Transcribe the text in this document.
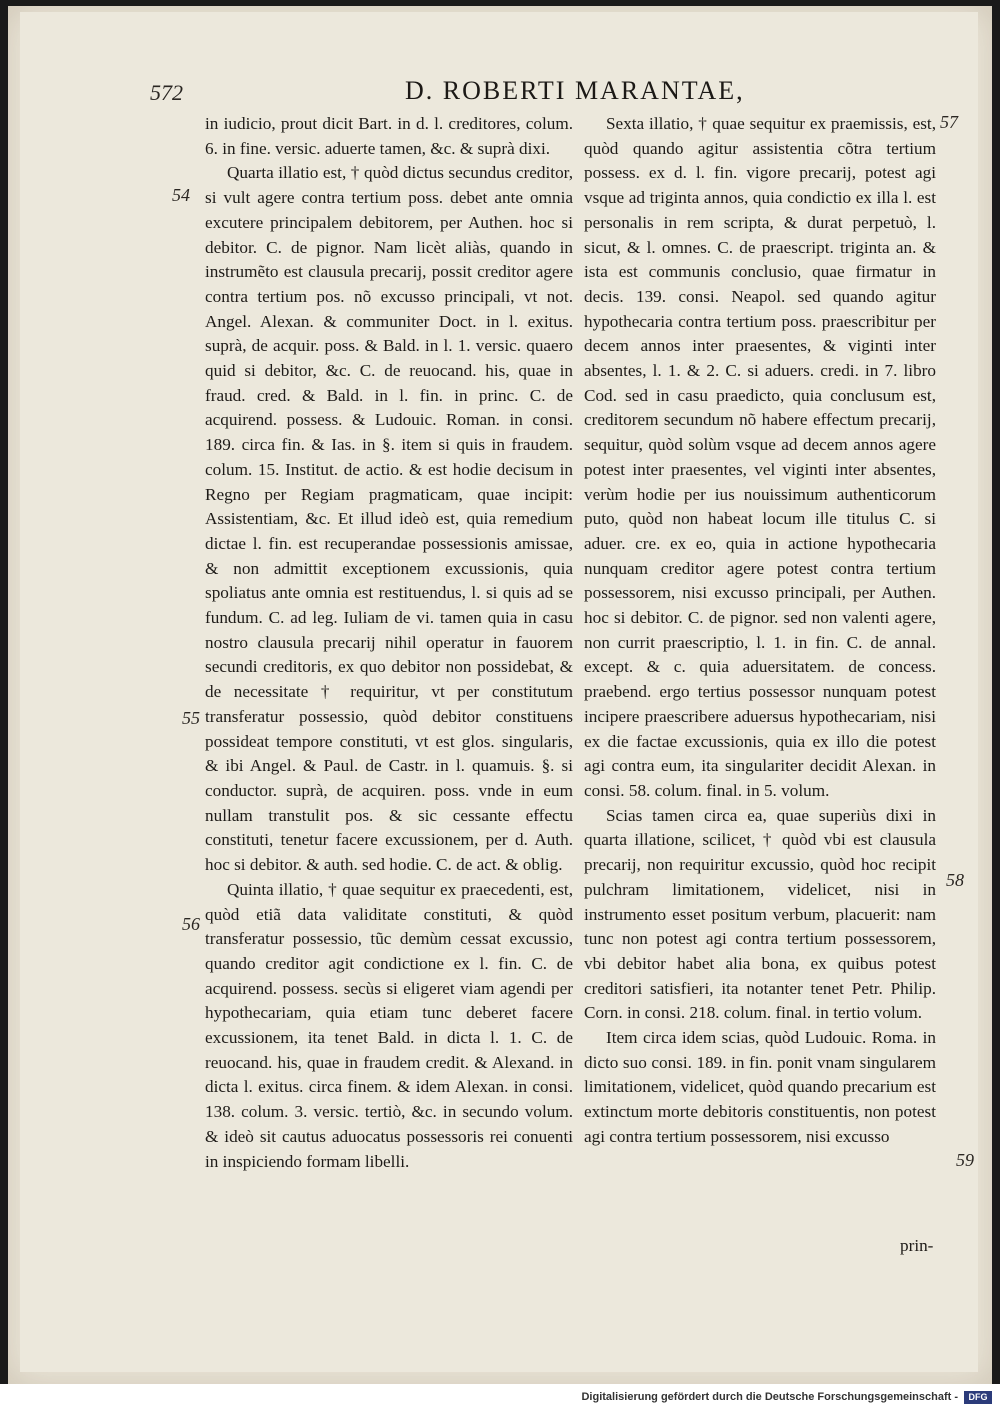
572	D. ROBERTI MARANTAE,
54
55
56
57
58
59

in iudicio, prout dicit Bart. in d. l. creditores, colum. 6. in fine. versic. aduerte tamen, &c. & suprà dixi.

Quarta illatio est, † quòd dictus secundus creditor, si vult agere contra tertium poss. debet ante omnia excutere principalem debitorem, per Authen. hoc si debitor. C. de pignor. Nam licèt aliàs, quando in instrumẽto est clausula precarij, possit creditor agere contra tertium pos. nõ excusso principali, vt not. Angel. Alexan. & communiter Doct. in l. exitus. suprà, de acquir. poss. & Bald. in l. 1. versic. quaero quid si debitor, &c. C. de reuocand. his, quae in fraud. cred. & Bald. in l. fin. in princ. C. de acquirend. possess. & Ludouic. Roman. in consi. 189. circa fin. & Ias. in §. item si quis in fraudem. colum. 15. Institut. de actio. & est hodie decisum in Regno per Regiam pragmaticam, quae incipit: Assistentiam, &c. Et illud ideò est, quia remedium dictae l. fin. est recuperandae possessionis amissae, & non admittit exceptionem excussionis, quia spoliatus ante omnia est restituendus, l. si quis ad se fundum. C. ad leg. Iuliam de vi. tamen quia in casu nostro clausula precarij nihil operatur in fauorem secundi creditoris, ex quo debitor non possidebat, & de necessitate † requiritur, vt per constitutum transferatur possessio, quòd debitor constituens possideat tempore constituti, vt est glos. singularis, & ibi Angel. & Paul. de Castr. in l. quamuis. §. si conductor. suprà, de acquiren. poss. vnde in eum nullam transtulit pos. & sic cessante effectu constituti, tenetur facere excussionem, per d. Auth. hoc si debitor. & auth. sed hodie. C. de act. & oblig.

Quinta illatio, † quae sequitur ex praecedenti, est, quòd etiã data validitate constituti, & quòd transferatur possessio, tũc demùm cessat excussio, quando creditor agit condictione ex l. fin. C. de acquirend. possess. secùs si eligeret viam agendi per hypothecariam, quia etiam tunc deberet facere excussionem, ita tenet Bald. in dicta l. 1. C. de reuocand. his, quae in fraudem credit. & Alexand. in dicta l. exitus. circa finem. & idem Alexan. in consi. 138. colum. 3. versic. tertiò, &c. in secundo volum. & ideò sit cautus aduocatus possessoris rei conuenti in inspiciendo formam libelli.

Sexta illatio, † quae sequitur ex praemissis, est, quòd quando agitur assistentia cõtra tertium possess. ex d. l. fin. vigore precarij, potest agi vsque ad triginta annos, quia condictio ex illa l. est personalis in rem scripta, & durat perpetuò, l. sicut, & l. omnes. C. de praescript. triginta an. & ista est communis conclusio, quae firmatur in decis. 139. consi. Neapol. sed quando agitur hypothecaria contra tertium poss. praescribitur per decem annos inter praesentes, & viginti inter absentes, l. 1. & 2. C. si aduers. credi. in 7. libro Cod. sed in casu praedicto, quia conclusum est, creditorem secundum nõ habere effectum precarij, sequitur, quòd solùm vsque ad decem annos agere potest inter praesentes, vel viginti inter absentes, verùm hodie per ius nouissimum authenticorum puto, quòd non habeat locum ille titulus C. si aduer. cre. ex eo, quia in actione hypothecaria nunquam creditor agere potest contra tertium possessorem, nisi excusso principali, per Authen. hoc si debitor. C. de pignor. sed non valenti agere, non currit praescriptio, l. 1. in fin. C. de annal. except. & c. quia aduersitatem. de concess. praebend. ergo tertius possessor nunquam potest incipere praescribere aduersus hypothecariam, nisi ex die factae excussionis, quia ex illo die potest agi contra eum, ita singulariter decidit Alexan. in consi. 58. colum. final. in 5. volum.

Scias tamen circa ea, quae superiùs dixi in quarta illatione, scilicet, † quòd vbi est clausula precarij, non requiritur excussio, quòd hoc recipit pulchram limitationem, videlicet, nisi in instrumento esset positum verbum, placuerit: nam tunc non potest agi contra tertium possessorem, vbi debitor habet alia bona, ex quibus potest creditori satisfieri, ita notanter tenet Petr. Philip. Corn. in consi. 218. colum. final. in tertio volum.

Item circa idem scias, quòd Ludouic. Roma. in dicto suo consi. 189. in fin. ponit vnam singularem limitationem, videlicet, quòd quando precarium est extinctum morte debitoris constituentis, non potest agi contra tertium possessorem, nisi excusso

prin-
Digitalisierung gefördert durch die Deutsche Forschungsgemeinschaft -	DFG
